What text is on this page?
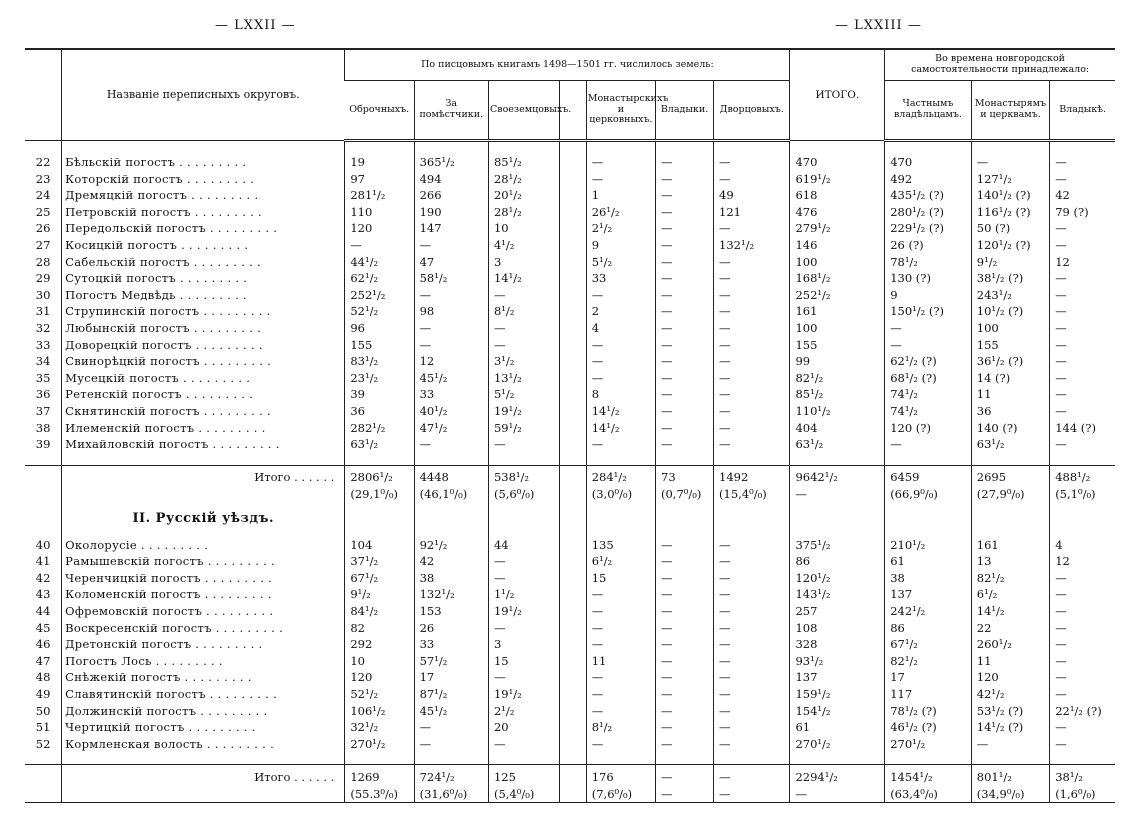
— LXXII —	— LXXIII —
	Названіе переписныхъ округовъ.	По писцовымъ книгамъ 1498—1501 гг. числилось земель:							ИТОГО.	Во времена новгородской самостоятельности принадлежало:		
		Оброчныхъ.	За помѣстчики.	Своеземцовыхъ.		Монастырскихъ и церковныхъ.	Владыки.	Дворцовыхъ.		Частнымъ владѣльцамъ.	Монастырямъ и церквамъ.	Владыкѣ.

22	Бѣльскій погостъ . . . . . . . . .	19	365¹/₂	85¹/₂		—	—	—	470	470	—	—
23	Которскій погостъ . . . . . . . . .	97	494	28¹/₂		—	—	—	619¹/₂	492	127¹/₂	—
24	Дремяцкій погостъ . . . . . . . . .	281¹/₂	266	20¹/₂		1	—	49	618	435¹/₂ (?)	140¹/₂ (?)	42
25	Петровскій погостъ . . . . . . . . .	110	190	28¹/₂		26¹/₂	—	121	476	280¹/₂ (?)	116¹/₂ (?)	79 (?)
26	Передольскій погостъ . . . . . . . . .	120	147	10		2¹/₂	—	—	279¹/₂	229¹/₂ (?)	50 (?)	—
27	Косицкій погостъ . . . . . . . . .	—	—	4¹/₂		9	—	132¹/₂	146	26 (?)	120¹/₂ (?)	—
28	Сабельскій погостъ . . . . . . . . .	44¹/₂	47	3		5¹/₂	—	—	100	78¹/₂	9¹/₂	12
29	Сутоцкій погостъ . . . . . . . . .	62¹/₂	58¹/₂	14¹/₂		33	—	—	168¹/₂	130 (?)	38¹/₂ (?)	—
30	Погостъ Медвѣдь . . . . . . . . .	252¹/₂	—	—		—	—	—	252¹/₂	9	243¹/₂	—
31	Струпинскій погостъ . . . . . . . . .	52¹/₂	98	8¹/₂		2	—	—	161	150¹/₂ (?)	10¹/₂ (?)	—
32	Любынскій погостъ . . . . . . . . .	96	—	—		4	—	—	100	—	100	—
33	Доворецкій погостъ . . . . . . . . .	155	—	—		—	—	—	155	—	155	—
34	Свинорѣцкій погостъ . . . . . . . . .	83¹/₂	12	3¹/₂		—	—	—	99	62¹/₂ (?)	36¹/₂ (?)	—
35	Мусецкій погостъ . . . . . . . . .	23¹/₂	45¹/₂	13¹/₂		—	—	—	82¹/₂	68¹/₂ (?)	14 (?)	—
36	Ретенскій погостъ . . . . . . . . .	39	33	5¹/₂		8	—	—	85¹/₂	74¹/₂	11	—
37	Скнятинскій погостъ . . . . . . . . .	36	40¹/₂	19¹/₂		14¹/₂	—	—	110¹/₂	74¹/₂	36	—
38	Илеменскій погостъ . . . . . . . . .	282¹/₂	47¹/₂	59¹/₂		14¹/₂	—	—	404	120 (?)	140 (?)	144 (?)
39	Михайловскій погостъ . . . . . . . . .	63¹/₂	—	—		—	—	—	63¹/₂	—	63¹/₂	—

	Итого . . . . . .	2806¹/₂	4448	538¹/₂		284¹/₂	73	1492	9642¹/₂	6459	2695	488¹/₂
		(29,1⁰/₀)	(46,1⁰/₀)	(5,6⁰/₀)		(3,0⁰/₀)	(0,7⁰/₀)	(15,4⁰/₀)	—	(66,9⁰/₀)	(27,9⁰/₀)	(5,1⁰/₀)
	II. Русскій уѣздъ.											
40	Околорусіе . . . . . . . . .	104	92¹/₂	44		135	—	—	375¹/₂	210¹/₂	161	4
41	Рамышевскій погостъ . . . . . . . . .	37¹/₂	42	—		6¹/₂	—	—	86	61	13	12
42	Черенчицкій погостъ . . . . . . . . .	67¹/₂	38	—		15	—	—	120¹/₂	38	82¹/₂	—
43	Коломенскій погостъ . . . . . . . . .	9¹/₂	132¹/₂	1¹/₂		—	—	—	143¹/₂	137	6¹/₂	—
44	Офремовскій погостъ . . . . . . . . .	84¹/₂	153	19¹/₂		—	—	—	257	242¹/₂	14¹/₂	—
45	Воскресенскій погостъ . . . . . . . . .	82	26	—		—	—	—	108	86	22	—
46	Дретонскій погостъ . . . . . . . . .	292	33	3		—	—	—	328	67¹/₂	260¹/₂	—
47	Погостъ Лось . . . . . . . . .	10	57¹/₂	15		11	—	—	93¹/₂	82¹/₂	11	—
48	Снѣжекій погостъ . . . . . . . . .	120	17	—		—	—	—	137	17	120	—
49	Славятинскій погостъ . . . . . . . . .	52¹/₂	87¹/₂	19¹/₂		—	—	—	159¹/₂	117	42¹/₂	—
50	Должинскій погостъ . . . . . . . . .	106¹/₂	45¹/₂	2¹/₂		—	—	—	154¹/₂	78¹/₂ (?)	53¹/₂ (?)	22¹/₂ (?)
51	Чертицкій погостъ . . . . . . . . .	32¹/₂	—	20		8¹/₂	—	—	61	46¹/₂ (?)	14¹/₂ (?)	—
52	Кормленская волость . . . . . . . . .	270¹/₂	—	—		—	—	—	270¹/₂	270¹/₂	—	—

	Итого . . . . . .	1269	724¹/₂	125		176	—	—	2294¹/₂	1454¹/₂	801¹/₂	38¹/₂
		(55.3⁰/₀)	(31,6⁰/₀)	(5,4⁰/₀)		(7,6⁰/₀)	—	—	—	(63,4⁰/₀)	(34,9⁰/₀)	(1,6⁰/₀)
